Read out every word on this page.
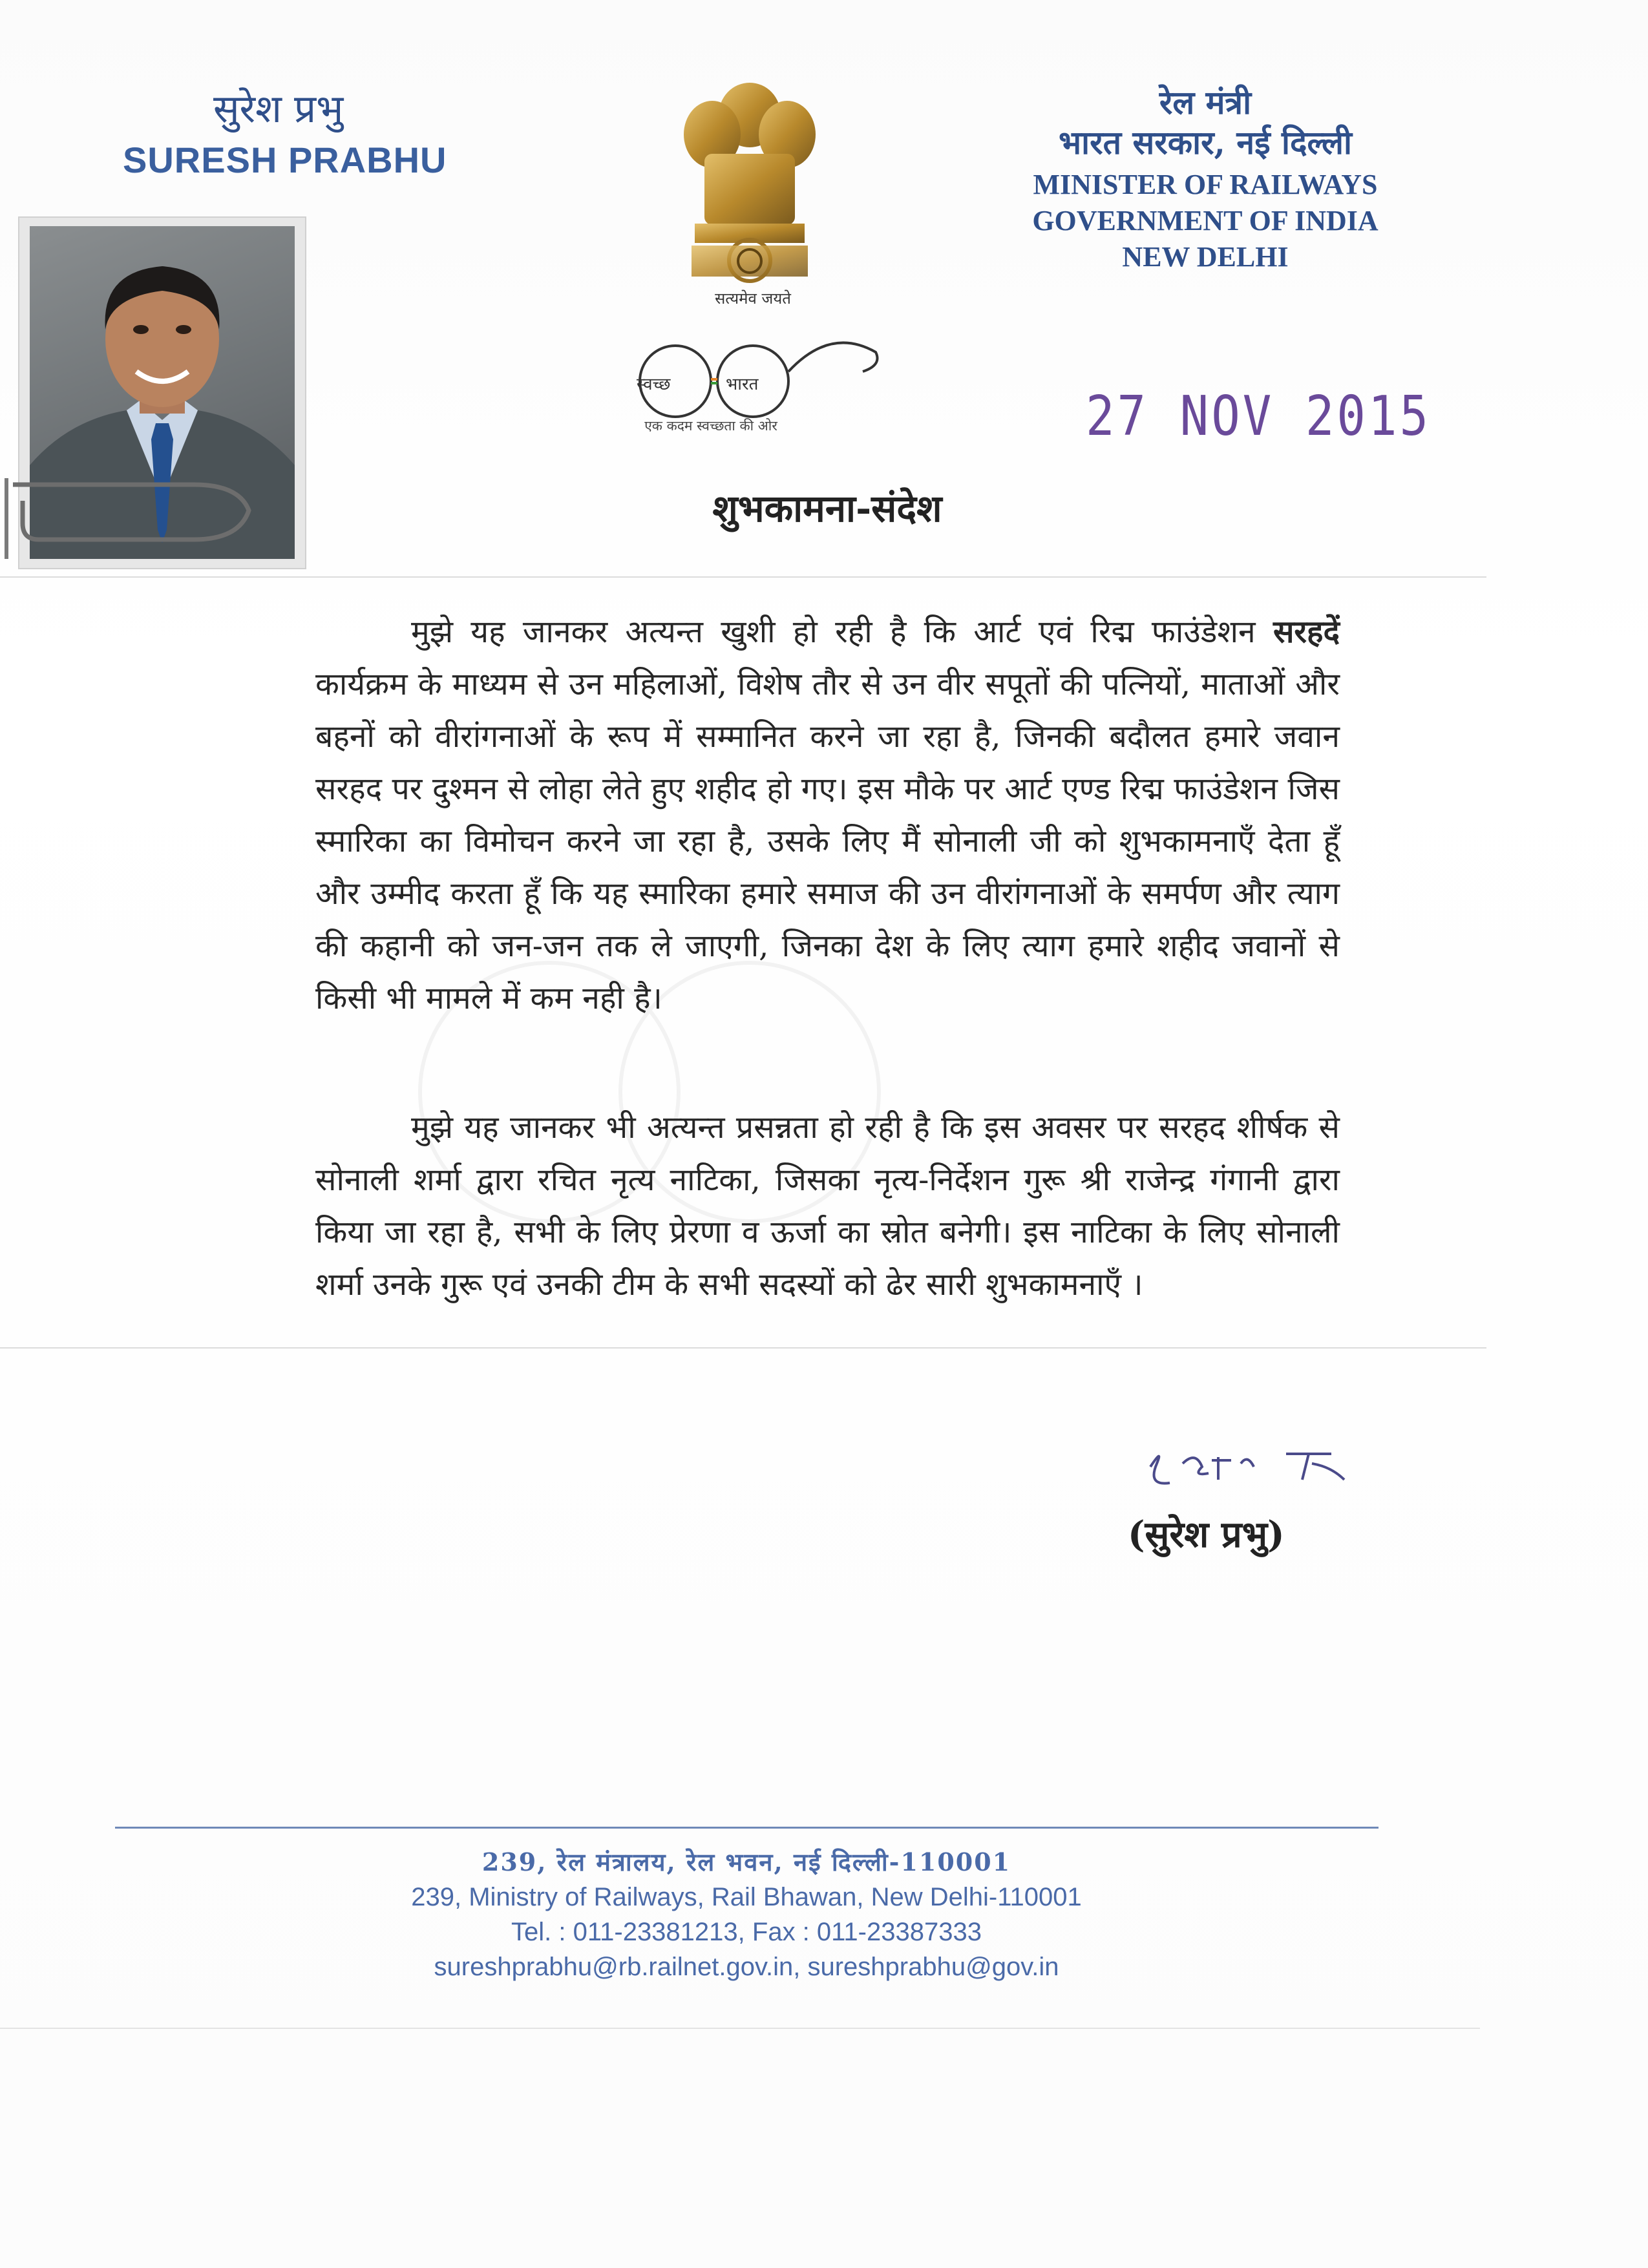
सुरेश प्रभु
SURESH PRABHU
सत्यमेव जयते
स्वच्छ	भारत
एक कदम स्वच्छता की ओर
रेल मंत्री
भारत सरकार, नई दिल्ली
MINISTER OF RAILWAYS
GOVERNMENT OF INDIA
NEW DELHI
27 NOV 2015
शुभकामना-संदेश
मुझे यह जानकर अत्यन्त खुशी हो रही है कि आर्ट एवं रिद्म फाउंडेशन सरहदें कार्यक्रम के माध्यम से उन महिलाओं, विशेष तौर से उन वीर सपूतों की पत्नियों, माताओं और बहनों को वीरांगनाओं के रूप में सम्मानित करने जा रहा है, जिनकी बदौलत हमारे जवान सरहद पर दुश्मन से लोहा लेते हुए शहीद हो गए। इस मौके पर आर्ट एण्ड रिद्म फाउंडेशन जिस स्मारिका का विमोचन करने जा रहा है, उसके लिए मैं सोनाली जी को शुभकामनाएँ देता हूँ और उम्मीद करता हूँ कि यह स्मारिका हमारे समाज की उन वीरांगनाओं के समर्पण और त्याग की कहानी को जन-जन तक ले जाएगी, जिनका देश के लिए त्याग हमारे शहीद जवानों से किसी भी मामले में कम नही है।
मुझे यह जानकर भी अत्यन्त प्रसन्नता हो रही है कि इस अवसर पर सरहद शीर्षक से सोनाली शर्मा द्वारा रचित नृत्य नाटिका, जिसका नृत्य-निर्देशन गुरू श्री राजेन्द्र गंगानी द्वारा किया जा रहा है, सभी के लिए प्रेरणा व ऊर्जा का स्रोत बनेगी। इस नाटिका के लिए सोनाली शर्मा उनके गुरू एवं उनकी टीम के सभी सदस्यों को ढेर सारी शुभकामनाएँ ।
(सुरेश प्रभु)
239, रेल मंत्रालय, रेल भवन, नई दिल्ली-110001
239, Ministry of Railways, Rail Bhawan, New Delhi-110001
Tel. : 011-23381213, Fax : 011-23387333
sureshprabhu@rb.railnet.gov.in, sureshprabhu@gov.in
